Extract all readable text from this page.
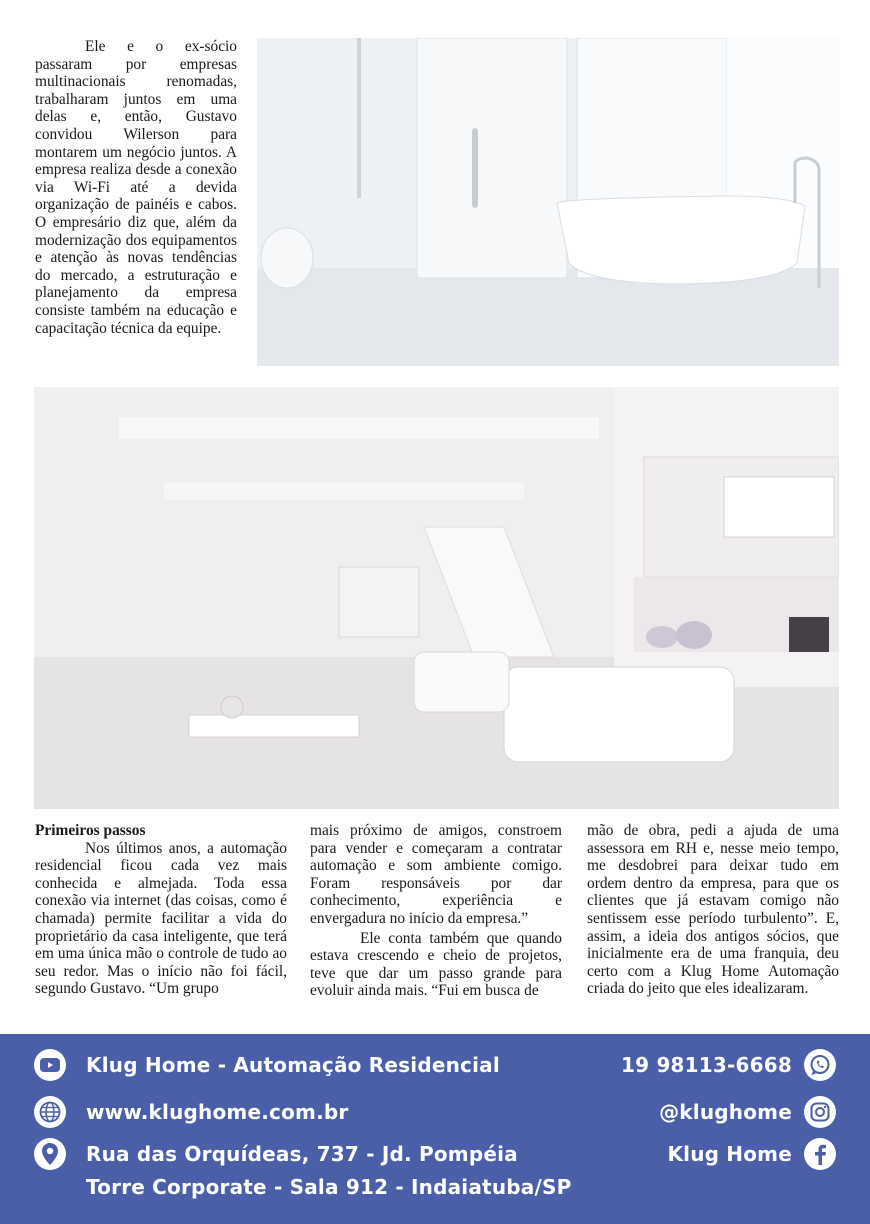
Ele e o ex-sócio passaram por empresas multinacionais renomadas, trabalharam juntos em uma delas e, então, Gustavo convidou Wilerson para montarem um negócio juntos. A empresa realiza desde a conexão via Wi-Fi até a devida organização de painéis e cabos. O empresário diz que, além da modernização dos equipamentos e atenção às novas tendências do mercado, a estruturação e planejamento da empresa consiste também na educação e capacitação técnica da equipe.

Primeiros passos

Nos últimos anos, a automação residencial ficou cada vez mais conhecida e almejada. Toda essa conexão via internet (das coisas, como é chamada) permite facilitar a vida do proprietário da casa inteligente, que terá em uma única mão o controle de tudo ao seu redor. Mas o início não foi fácil, segundo Gustavo. “Um grupo

mais próximo de amigos, constroem para vender e começaram a contratar automação e som ambiente comigo. Foram responsáveis por dar conhecimento, experiência e envergadura no início da empresa.”

Ele conta também que quando estava crescendo e cheio de projetos, teve que dar um passo grande para evoluir ainda mais. “Fui em busca de

mão de obra, pedi a ajuda de uma assessora em RH e, nesse meio tempo, me desdobrei para deixar tudo em ordem dentro da empresa, para que os clientes que já estavam comigo não sentissem esse período turbulento”. E, assim, a ideia dos antigos sócios, que inicialmente era de uma franquia, deu certo com a Klug Home Automação criada do jeito que eles idealizaram.

Klug Home - Automação Residencial
www.klughome.com.br
Rua das Orquídeas, 737 - Jd. Pompéia
Torre Corporate - Sala 912 - Indaiatuba/SP
19 98113-6668
@klughome
Klug Home
